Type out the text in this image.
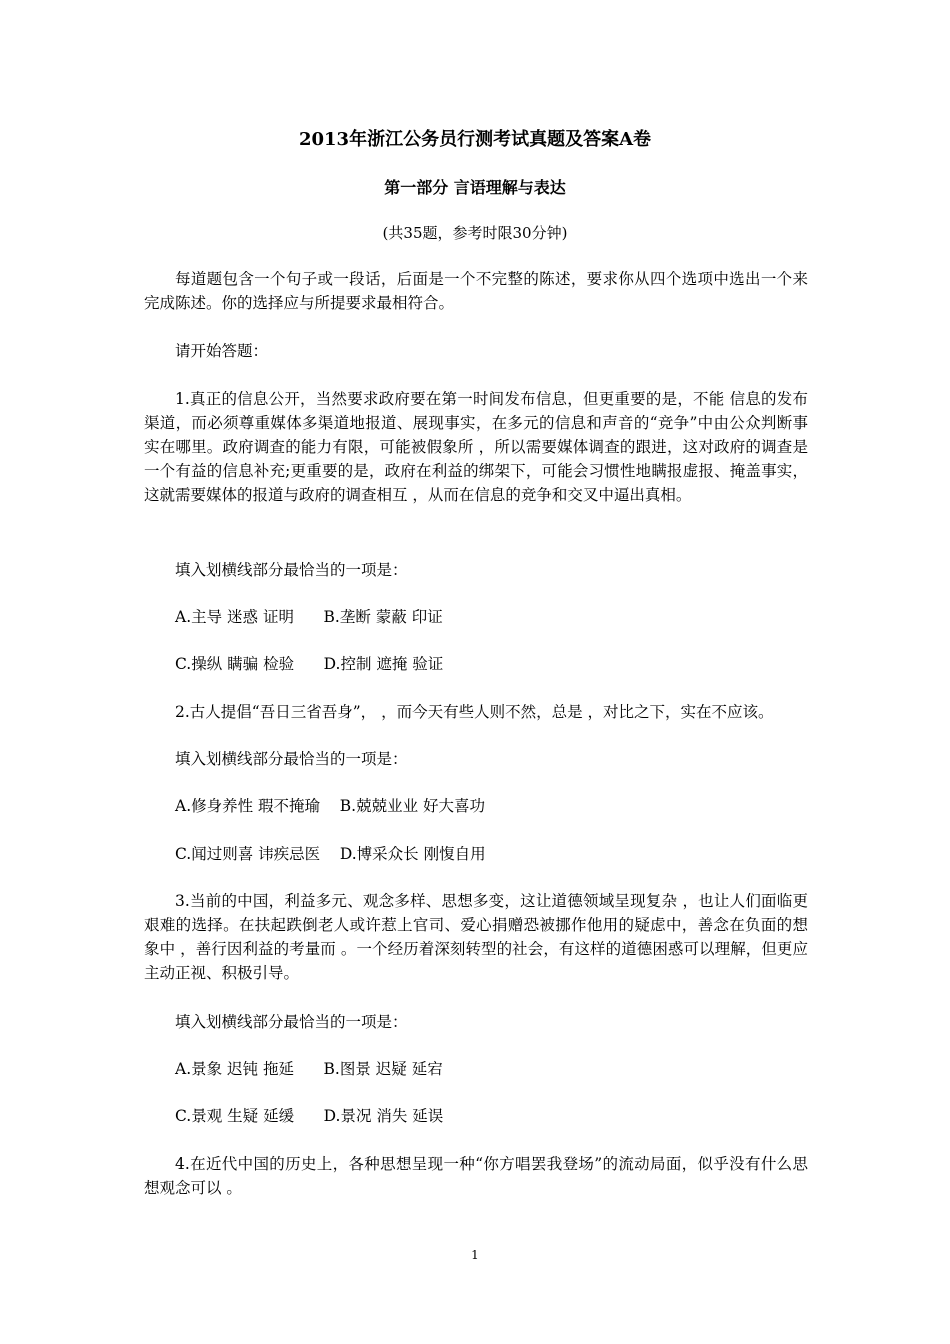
2013年浙江公务员行测考试真题及答案A卷
第一部分 言语理解与表达
(共35题，参考时限30分钟)
每道题包含一个句子或一段话，后面是一个不完整的陈述，要求你从四个选项中选出一个来完成陈述。你的选择应与所提要求最相符合。
请开始答题：
1.真正的信息公开，当然要求政府要在第一时间发布信息，但更重要的是，不能 信息的发布渠道，而必须尊重媒体多渠道地报道、展现事实，在多元的信息和声音的“竞争”中由公众判断事实在哪里。政府调查的能力有限，可能被假象所 ，所以需要媒体调查的跟进，这对政府的调查是一个有益的信息补充;更重要的是，政府在利益的绑架下，可能会习惯性地瞒报虚报、掩盖事实，这就需要媒体的报道与政府的调查相互 ，从而在信息的竞争和交叉中逼出真相。
填入划横线部分最恰当的一项是：
A.主导 迷惑 证明      B.垄断 蒙蔽 印证
C.操纵 瞒骗 检验      D.控制 遮掩 验证
2.古人提倡“吾日三省吾身”， ，而今天有些人则不然，总是 ，对比之下，实在不应该。
填入划横线部分最恰当的一项是：
A.修身养性 瑕不掩瑜    B.兢兢业业 好大喜功
C.闻过则喜 讳疾忌医    D.博采众长 刚愎自用
3.当前的中国，利益多元、观念多样、思想多变，这让道德领域呈现复杂 ，也让人们面临更艰难的选择。在扶起跌倒老人或许惹上官司、爱心捐赠恐被挪作他用的疑虑中，善念在负面的想象中 ，善行因利益的考量而 。一个经历着深刻转型的社会，有这样的道德困惑可以理解，但更应主动正视、积极引导。
填入划横线部分最恰当的一项是：
A.景象 迟钝 拖延      B.图景 迟疑 延宕
C.景观 生疑 延缓      D.景况 消失 延误
4.在近代中国的历史上，各种思想呈现一种“你方唱罢我登场”的流动局面，似乎没有什么思想观念可以 。
1
